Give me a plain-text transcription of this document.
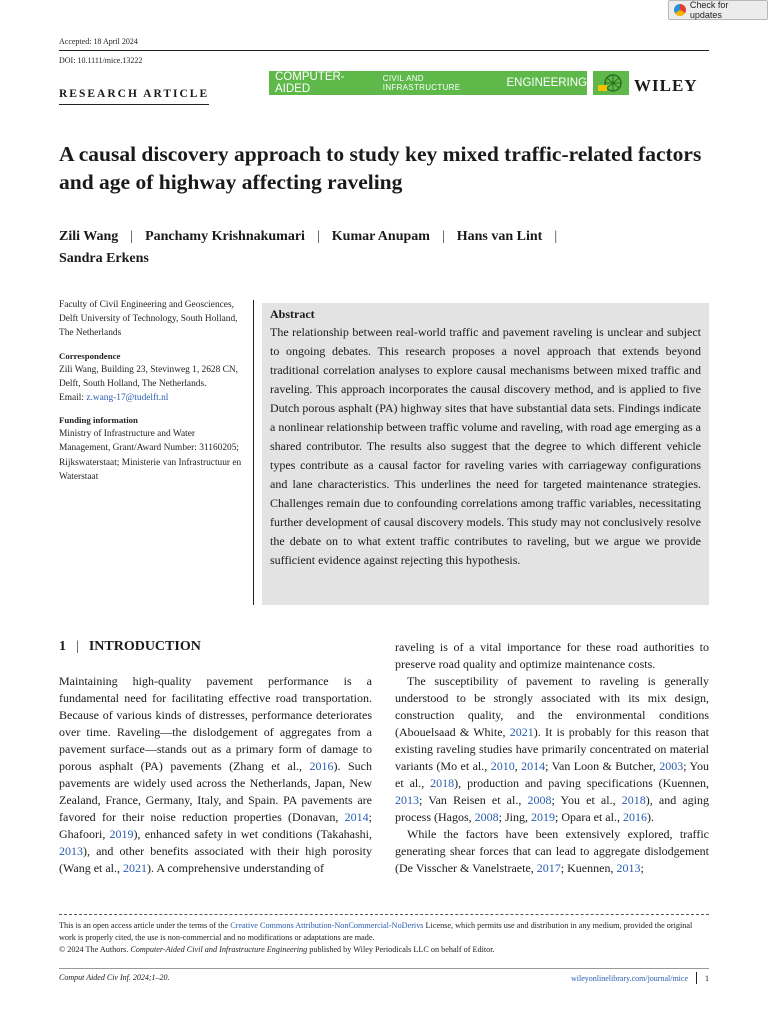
Check for updates
Accepted: 18 April 2024
DOI: 10.1111/mice.13222
RESEARCH ARTICLE
COMPUTER-AIDED
CIVIL AND INFRASTRUCTURE	ENGINEERING	WILEY
A causal discovery approach to study key mixed traffic-related factors and age of highway affecting raveling
Zili Wang | Panchamy Krishnakumari | Kumar Anupam | Hans van Lint |
Sandra Erkens

Faculty of Civil Engineering and Geosciences, Delft University of Technology, South Holland, The Netherlands

Correspondence

Zili Wang, Building 23, Stevinweg 1, 2628 CN, Delft, South Holland, The Netherlands.
Email: z.wang-17@tudelft.nl

Funding information

Ministry of Infrastructure and Water Management, Grant/Award Number: 31160205; Rijkswaterstaat; Ministerie van Infrastructuur en Waterstaat

Abstract

The relationship between real-world traffic and pavement raveling is unclear and subject to ongoing debates. This research proposes a novel approach that extends beyond traditional correlation analyses to explore causal mechanisms between mixed traffic and raveling. This approach incorporates the causal discovery method, and is applied to five Dutch porous asphalt (PA) highway sites that have substantial data sets. Findings indicate a nonlinear relationship between traffic volume and raveling, with road age emerging as a shared contributor. The results also suggest that the degree to which different vehicle types contribute as a causal factor for raveling varies with carriageway configurations and lane characteristics. This underlines the need for targeted maintenance strategies. Challenges remain due to confounding correlations among traffic variables, necessitating further development of causal discovery models. This study may not conclusively resolve the debate on to what extent traffic contributes to raveling, but we argue we provide sufficient evidence against rejecting this hypothesis.

1 | INTRODUCTION

Maintaining high-quality pavement performance is a fundamental need for facilitating effective road transportation. Because of various kinds of distresses, performance deteriorates over time. Raveling—the dislodgement of aggregates from a pavement surface—stands out as a primary form of damage to porous asphalt (PA) pavements (Zhang et al., 2016). Such pavements are widely used across the Netherlands, Japan, New Zealand, France, Germany, Italy, and Spain. PA pavements are favored for their noise reduction properties (Donavan, 2014; Ghafoori, 2019), enhanced safety in wet conditions (Takahashi, 2013), and other benefits associated with their high porosity (Wang et al., 2021). A comprehensive understanding of

raveling is of a vital importance for these road authorities to preserve road quality and optimize maintenance costs.

The susceptibility of pavement to raveling is generally understood to be strongly associated with its mix design, construction quality, and the environmental conditions (Abouelsaad & White, 2021). It is probably for this reason that existing raveling studies have primarily concentrated on material variants (Mo et al., 2010, 2014; Van Loon & Butcher, 2003; You et al., 2018), production and paving specifications (Kuennen, 2013; Van Reisen et al., 2008; You et al., 2018), and aging process (Hagos, 2008; Jing, 2019; Opara et al., 2016).

While the factors have been extensively explored, traffic generating shear forces that can lead to aggregate dislodgement (De Visscher & Vanelstraete, 2017; Kuennen, 2013;

This is an open access article under the terms of the Creative Commons Attribution-NonCommercial-NoDerivs License, which permits use and distribution in any medium, provided the original work is properly cited, the use is non-commercial and no modifications or adaptations are made.
© 2024 The Authors. Computer-Aided Civil and Infrastructure Engineering published by Wiley Periodicals LLC on behalf of Editor.
Comput Aided Civ Inf. 2024;1–20.	wileyonlinelibrary.com/journal/mice 1
